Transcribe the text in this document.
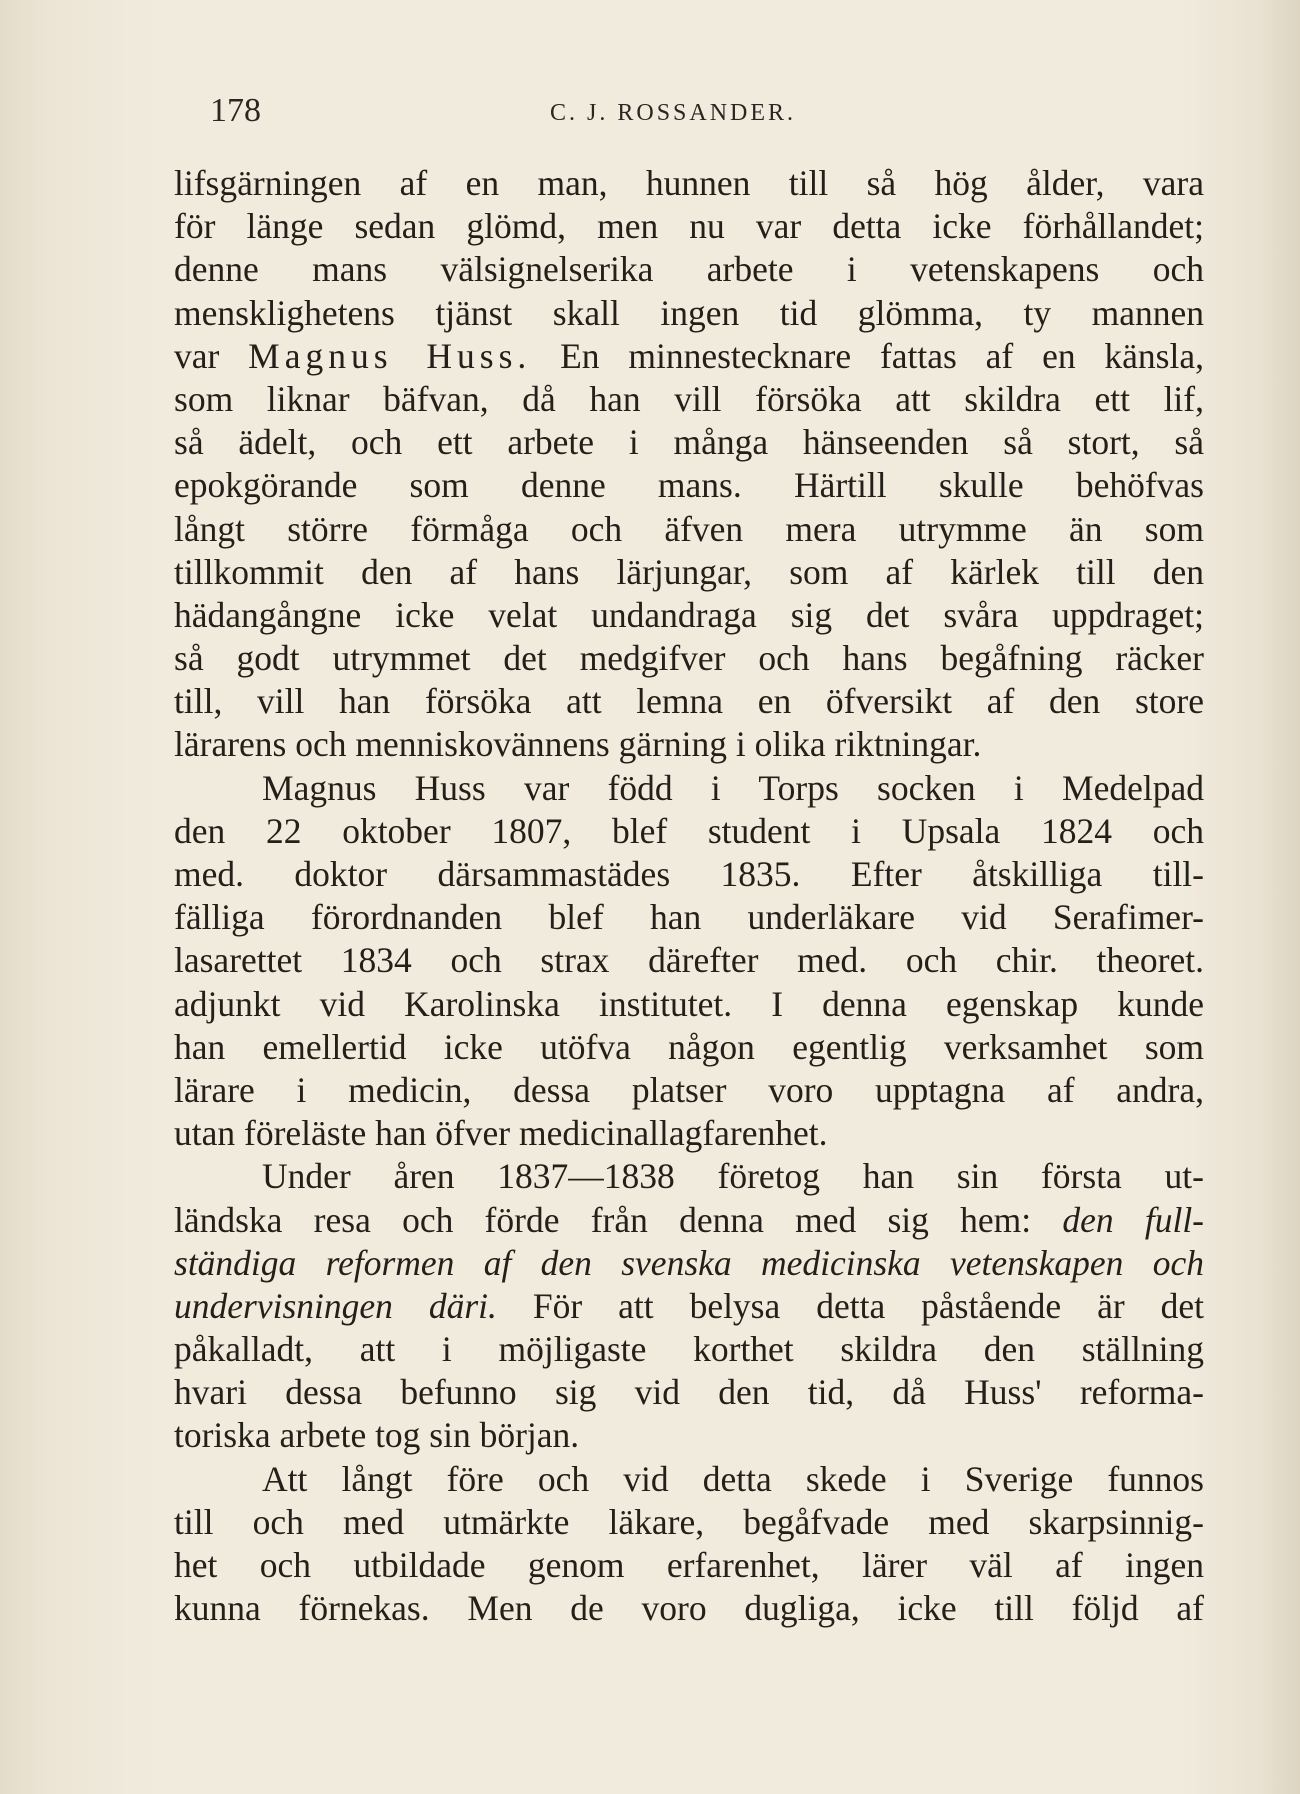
178	C. J. ROSSANDER.
lifsgärningen af en man, hunnen till så hög ålder, vara
för länge sedan glömd, men nu var detta icke förhållandet;
denne mans välsignelserika arbete i vetenskapens och
mensklighetens tjänst skall ingen tid glömma, ty mannen
var Magnus Huss. En minnestecknare fattas af en känsla,
som liknar bäfvan, då han vill försöka att skildra ett lif,
så ädelt, och ett arbete i många hänseenden så stort, så
epokgörande som denne mans. Härtill skulle behöfvas
långt större förmåga och äfven mera utrymme än som
tillkommit den af hans lärjungar, som af kärlek till den
hädangångne icke velat undandraga sig det svåra uppdraget;
så godt utrymmet det medgifver och hans begåfning räcker
till, vill han försöka att lemna en öfversikt af den store
lärarens och menniskovännens gärning i olika riktningar.
Magnus Huss var född i Torps socken i Medelpad
den 22 oktober 1807, blef student i Upsala 1824 och
med. doktor därsammastädes 1835. Efter åtskilliga till-
fälliga förordnanden blef han underläkare vid Serafimer-
lasarettet 1834 och strax därefter med. och chir. theoret.
adjunkt vid Karolinska institutet. I denna egenskap kunde
han emellertid icke utöfva någon egentlig verksamhet som
lärare i medicin, dessa platser voro upptagna af andra,
utan föreläste han öfver medicinallagfarenhet.
Under åren 1837—1838 företog han sin första ut-
ländska resa och förde från denna med sig hem: den full-
ständiga reformen af den svenska medicinska vetenskapen och
undervisningen däri. För att belysa detta påstående är det
påkalladt, att i möjligaste korthet skildra den ställning
hvari dessa befunno sig vid den tid, då Huss' reforma-
toriska arbete tog sin början.
Att långt före och vid detta skede i Sverige funnos
till och med utmärkte läkare, begåfvade med skarpsinnig-
het och utbildade genom erfarenhet, lärer väl af ingen
kunna förnekas. Men de voro dugliga, icke till följd af
